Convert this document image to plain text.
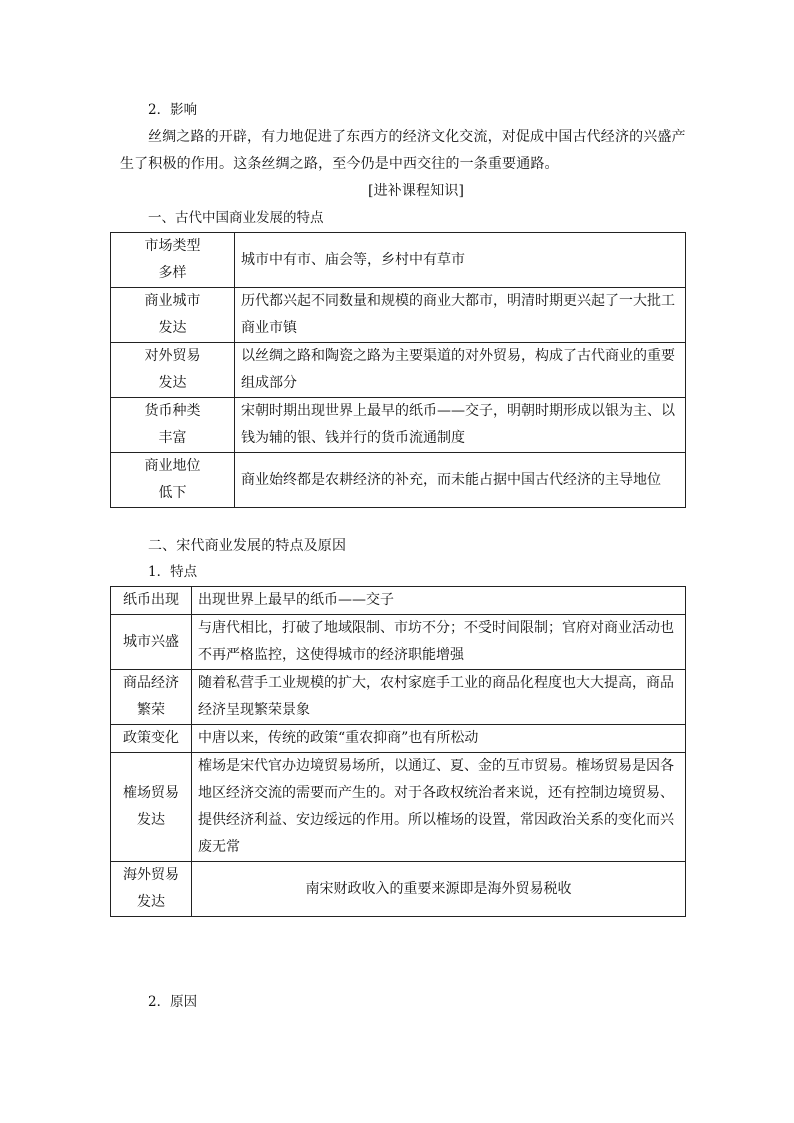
2．影响
丝绸之路的开辟，有力地促进了东西方的经济文化交流，对促成中国古代经济的兴盛产
生了积极的作用。这条丝绸之路，至今仍是中西交往的一条重要通路。
[进补课程知识]
一、古代中国商业发展的特点
市场类型多样	城市中有市、庙会等，乡村中有草市

商业城市发达	历代都兴起不同数量和规模的商业大都市，明清时期更兴起了一大批工商业市镇

对外贸易发达	以丝绸之路和陶瓷之路为主要渠道的对外贸易，构成了古代商业的重要组成部分

货币种类丰富	宋朝时期出现世界上最早的纸币——交子，明朝时期形成以银为主、以钱为辅的银、钱并行的货币流通制度

商业地位低下	商业始终都是农耕经济的补充，而未能占据中国古代经济的主导地位
二、宋代商业发展的特点及原因
1．特点
纸币出现	出现世界上最早的纸币——交子
城市兴盛	与唐代相比，打破了地域限制、市坊不分；不受时间限制；官府对商业活动也不再严格监控，这使得城市的经济职能增强

商品经济繁荣	随着私营手工业规模的扩大，农村家庭手工业的商品化程度也大大提高，商品经济呈现繁荣景象
政策变化	中唐以来，传统的政策“重农抑商”也有所松动

榷场贸易发达	榷场是宋代官办边境贸易场所，以通辽、夏、金的互市贸易。榷场贸易是因各地区经济交流的需要而产生的。对于各政权统治者来说，还有控制边境贸易、提供经济利益、安边绥远的作用。所以榷场的设置，常因政治关系的变化而兴废无常

海外贸易发达	南宋财政收入的重要来源即是海外贸易税收
2．原因
